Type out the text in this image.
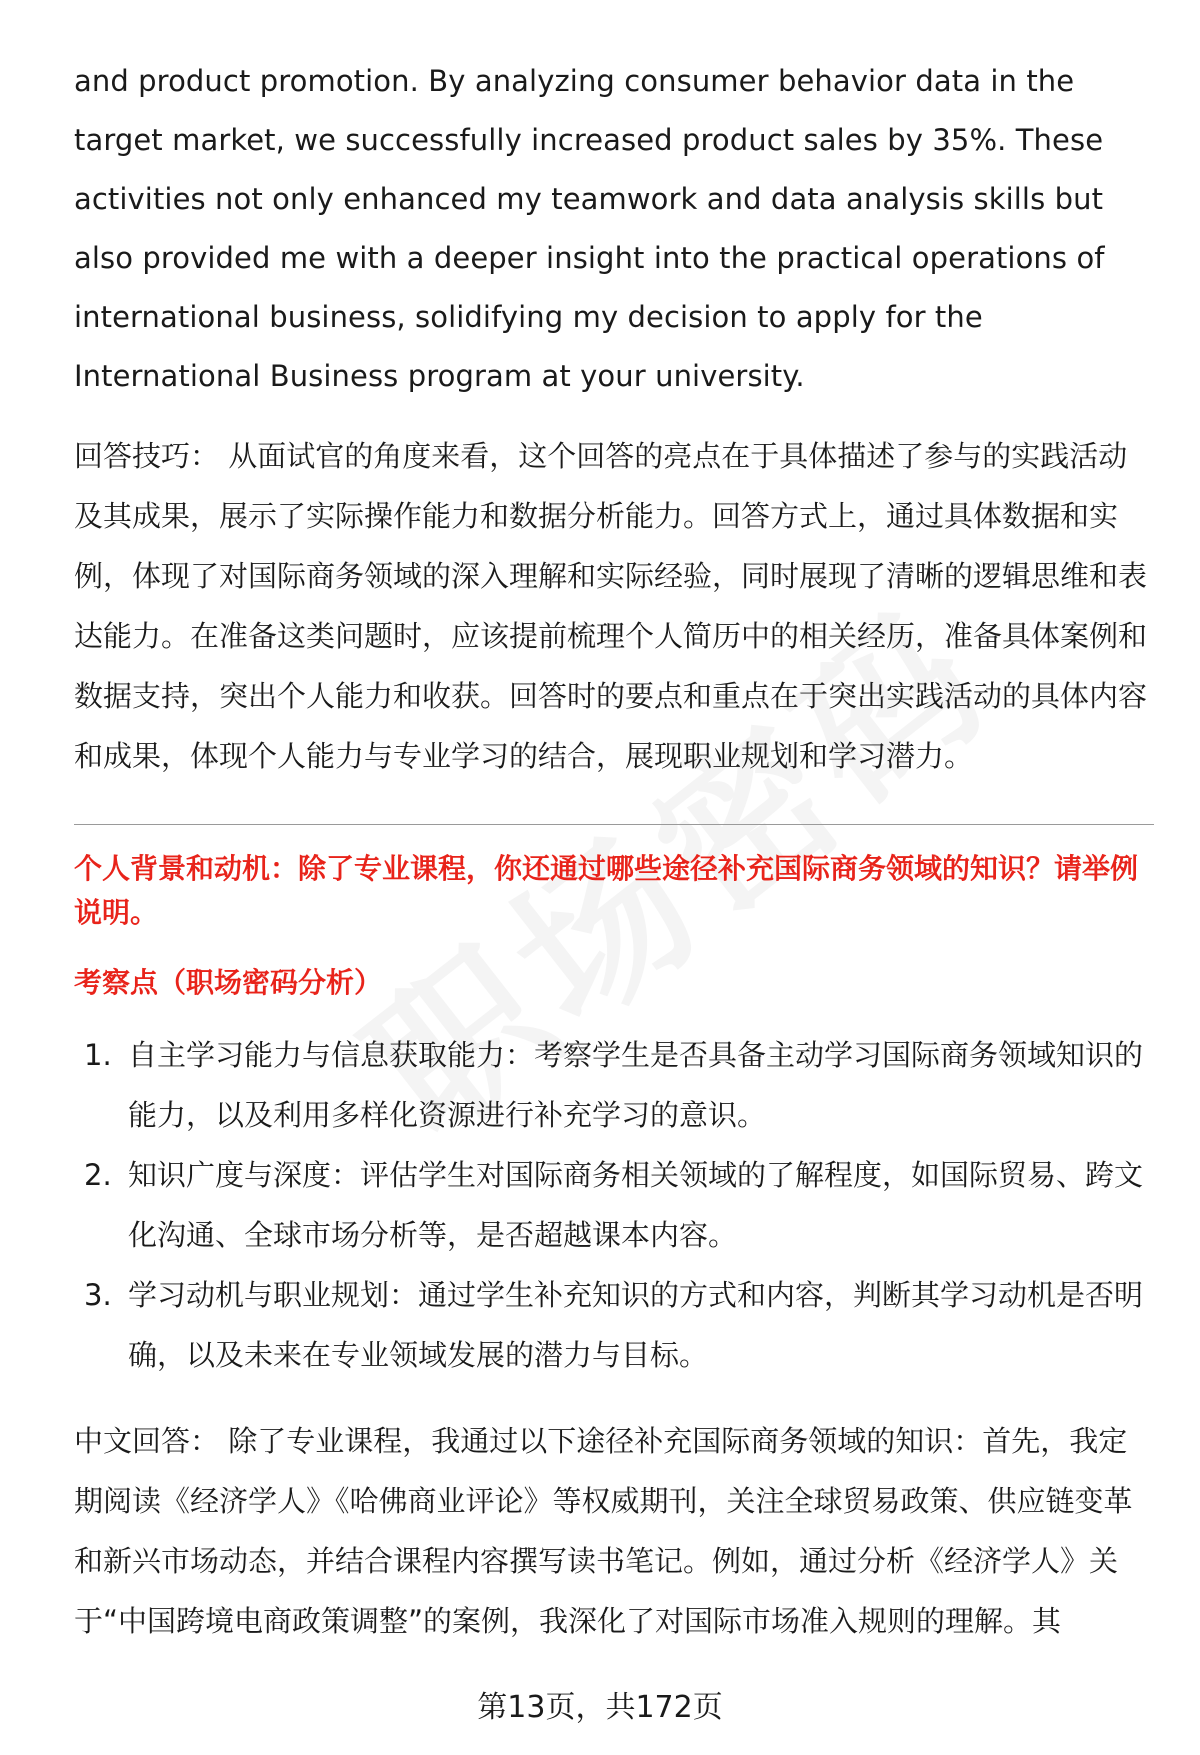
and product promotion. By analyzing consumer behavior data in the target market, we successfully increased product sales by 35%. These activities not only enhanced my teamwork and data analysis skills but also provided me with a deeper insight into the practical operations of international business, solidifying my decision to apply for the International Business program at your university.

回答技巧： 从面试官的角度来看，这个回答的亮点在于具体描述了参与的实践活动及其成果，展示了实际操作能力和数据分析能力。回答方式上，通过具体数据和实例，体现了对国际商务领域的深入理解和实际经验，同时展现了清晰的逻辑思维和表达能力。在准备这类问题时，应该提前梳理个人简历中的相关经历，准备具体案例和数据支持，突出个人能力和收获。回答时的要点和重点在于突出实践活动的具体内容和成果，体现个人能力与专业学习的结合，展现职业规划和学习潜力。

个人背景和动机：除了专业课程，你还通过哪些途径补充国际商务领域的知识？请举例说明。

考察点（职场密码分析）

1. 自主学习能力与信息获取能力：考察学生是否具备主动学习国际商务领域知识的能力，以及利用多样化资源进行补充学习的意识。
2. 知识广度与深度：评估学生对国际商务相关领域的了解程度，如国际贸易、跨文化沟通、全球市场分析等，是否超越课本内容。
3. 学习动机与职业规划：通过学生补充知识的方式和内容，判断其学习动机是否明确，以及未来在专业领域发展的潜力与目标。

中文回答： 除了专业课程，我通过以下途径补充国际商务领域的知识：首先，我定期阅读《经济学人》《哈佛商业评论》等权威期刊，关注全球贸易政策、供应链变革和新兴市场动态，并结合课程内容撰写读书笔记。例如，通过分析《经济学人》关于“中国跨境电商政策调整”的案例，我深化了对国际市场准入规则的理解。其

第13页，共172页
